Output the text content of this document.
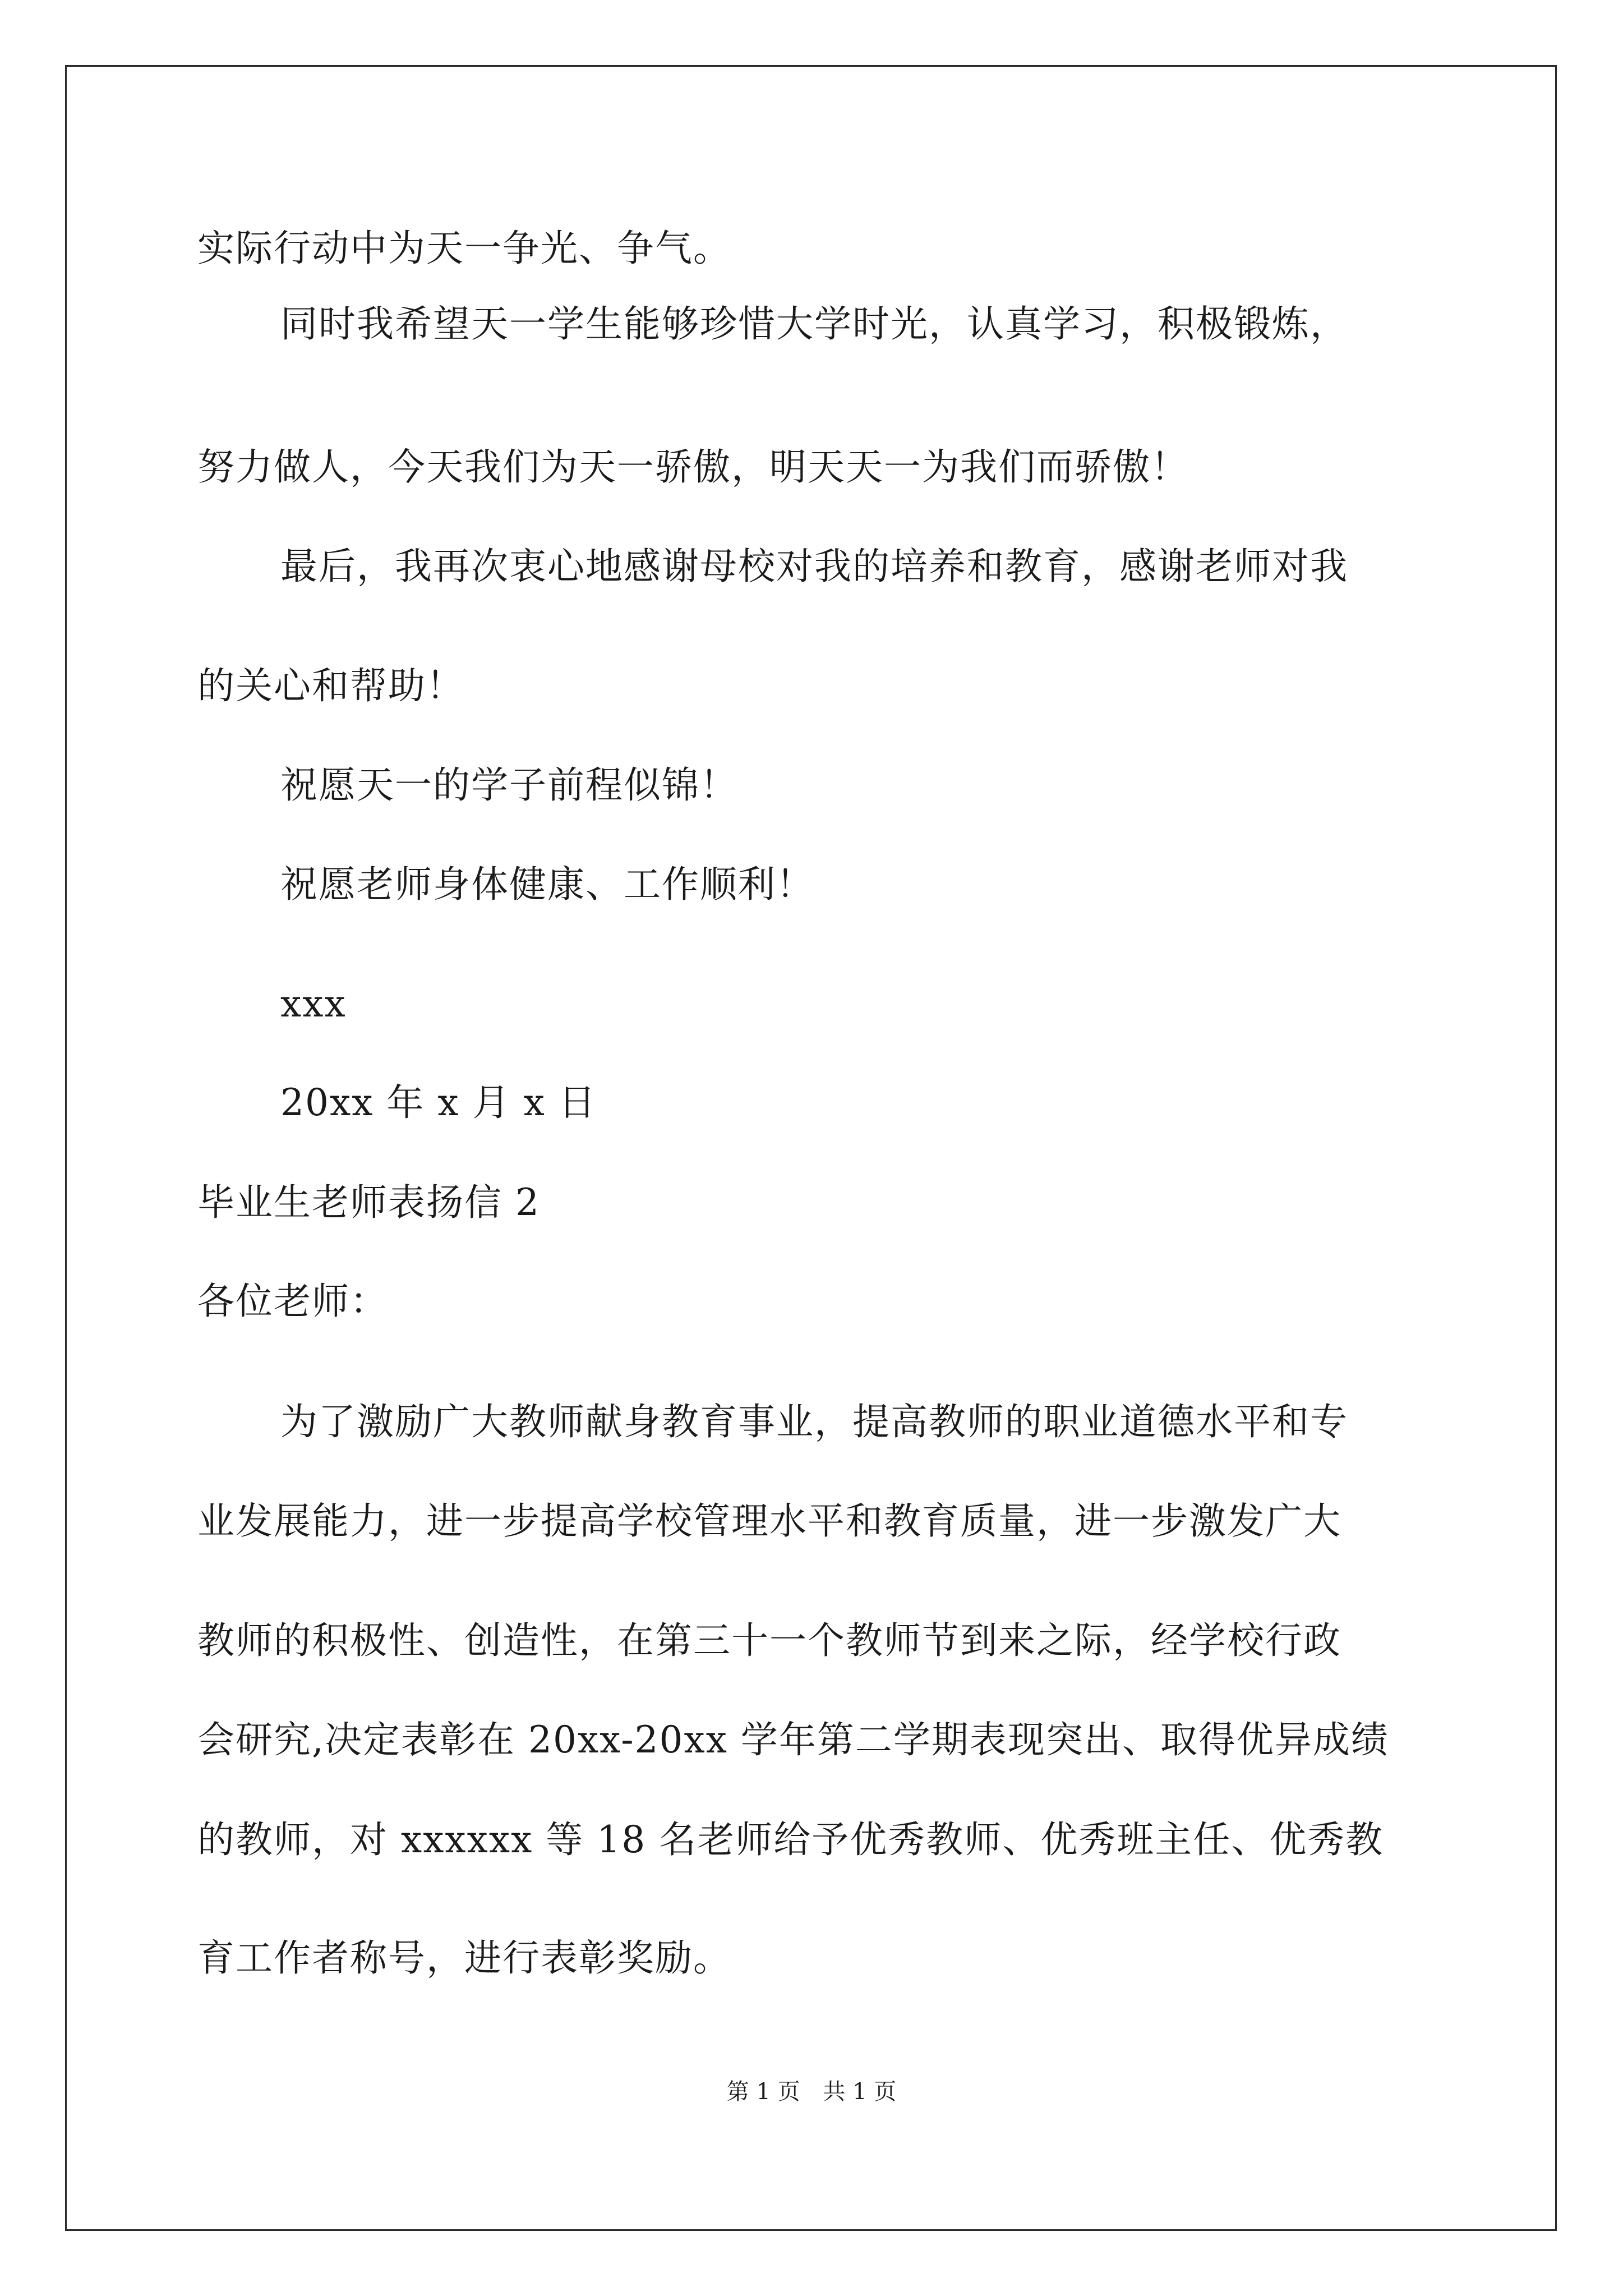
实际行动中为天一争光、争气。
同时我希望天一学生能够珍惜大学时光，认真学习，积极锻炼，
努力做人，今天我们为天一骄傲，明天天一为我们而骄傲！
最后，我再次衷心地感谢母校对我的培养和教育，感谢老师对我
的关心和帮助！
祝愿天一的学子前程似锦！
祝愿老师身体健康、工作顺利！
xxx
20xx 年 x 月 x 日
毕业生老师表扬信 2
各位老师：
为了激励广大教师献身教育事业，提高教师的职业道德水平和专
业发展能力，进一步提高学校管理水平和教育质量，进一步激发广大
教师的积极性、创造性，在第三十一个教师节到来之际，经学校行政
会研究,决定表彰在 20xx-20xx 学年第二学期表现突出、取得优异成绩
的教师，对 xxxxxx 等 18 名老师给予优秀教师、优秀班主任、优秀教
育工作者称号，进行表彰奖励。
第 1 页 共 1 页
